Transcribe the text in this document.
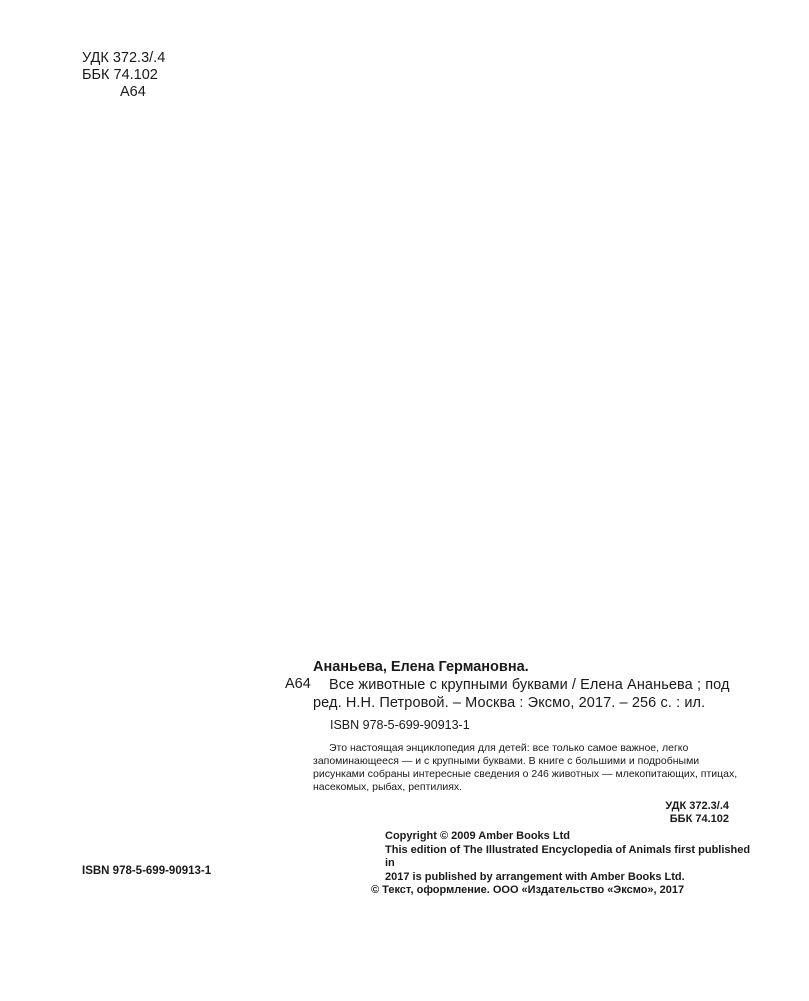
УДК 372.3/.4
ББК 74.102
А64

Ананьева, Елена Германовна.

А64	Все животные с крупными буквами / Елена Ананьева ; под ред. Н.Н. Петровой. – Москва : Эксмо, 2017. – 256 с. : ил.

ISBN 978-5-699-90913-1

Это настоящая энциклопедия для детей: все только самое важное, легко запоминающееся — и с крупными буквами. В книге с большими и подробными рисунками собраны интересные сведения о 246 животных — млекопитающих, птицах, насекомых, рыбах, рептилиях.

УДК 372.3/.4
ББК 74.102
ISBN 978-5-699-90913-1
Copyright © 2009 Amber Books Ltd
This edition of The Illustrated Encyclopedia of Animals first published in
2017 is published by arrangement with Amber Books Ltd.
© Текст, оформление. ООО «Издательство «Эксмо», 2017
